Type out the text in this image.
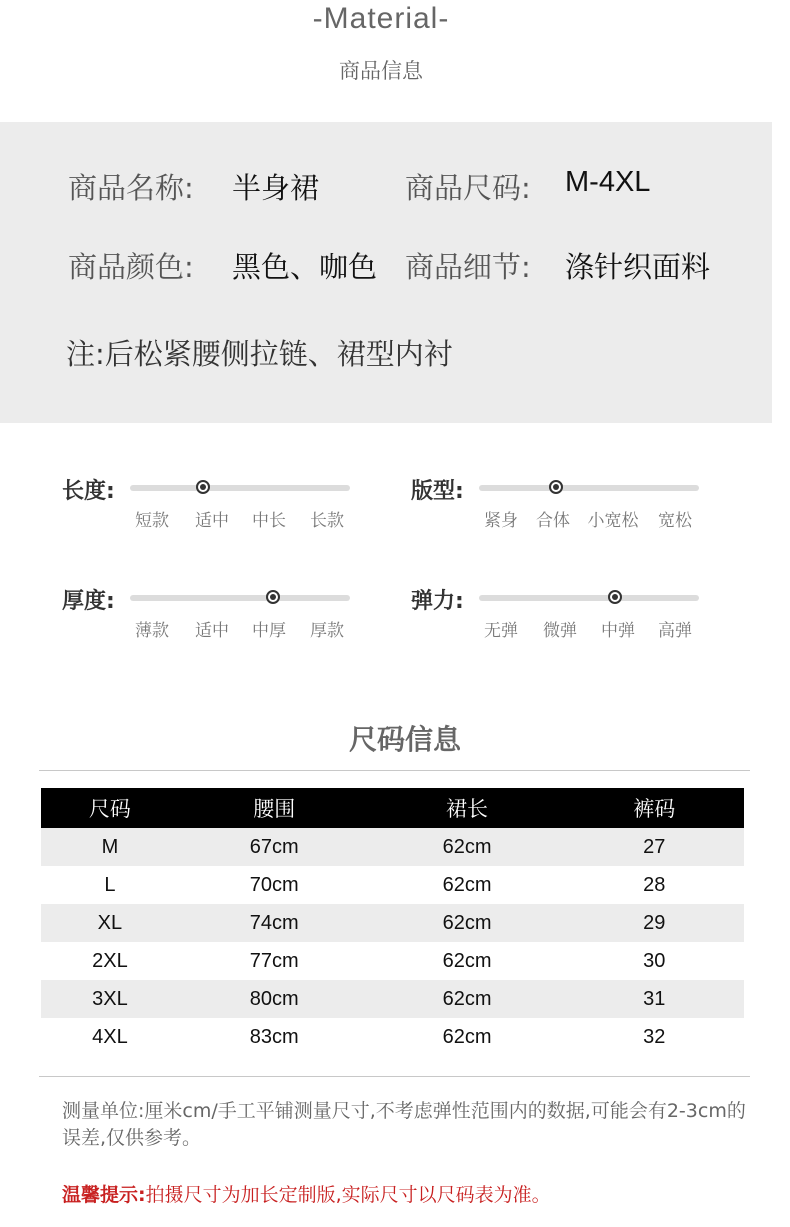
-Material-
商品信息
商品名称: 半身裙	商品尺码: M-4XL
商品颜色: 黑色、咖色 商品细节: 涤针织面料
注:后松紧腰侧拉链、裙型内衬
长度:
短款 适中 中长 长款
版型:
紧身 合体 小宽松 宽松
厚度:
薄款 适中 中厚 厚款
弹力:
无弹 微弹 中弹 高弹
尺码信息
尺码	腰围	裙长	裤码
M	67cm	62cm	27
L	70cm	62cm	28
XL	74cm	62cm	29
2XL	77cm	62cm	30
3XL	80cm	62cm	31
4XL	83cm	62cm	32
测量单位:厘米cm/手工平铺测量尺寸,不考虑弹性范围内的数据,可能会有2-3cm的误差,仅供参考。
温馨提示:拍摄尺寸为加长定制版,实际尺寸以尺码表为准。
